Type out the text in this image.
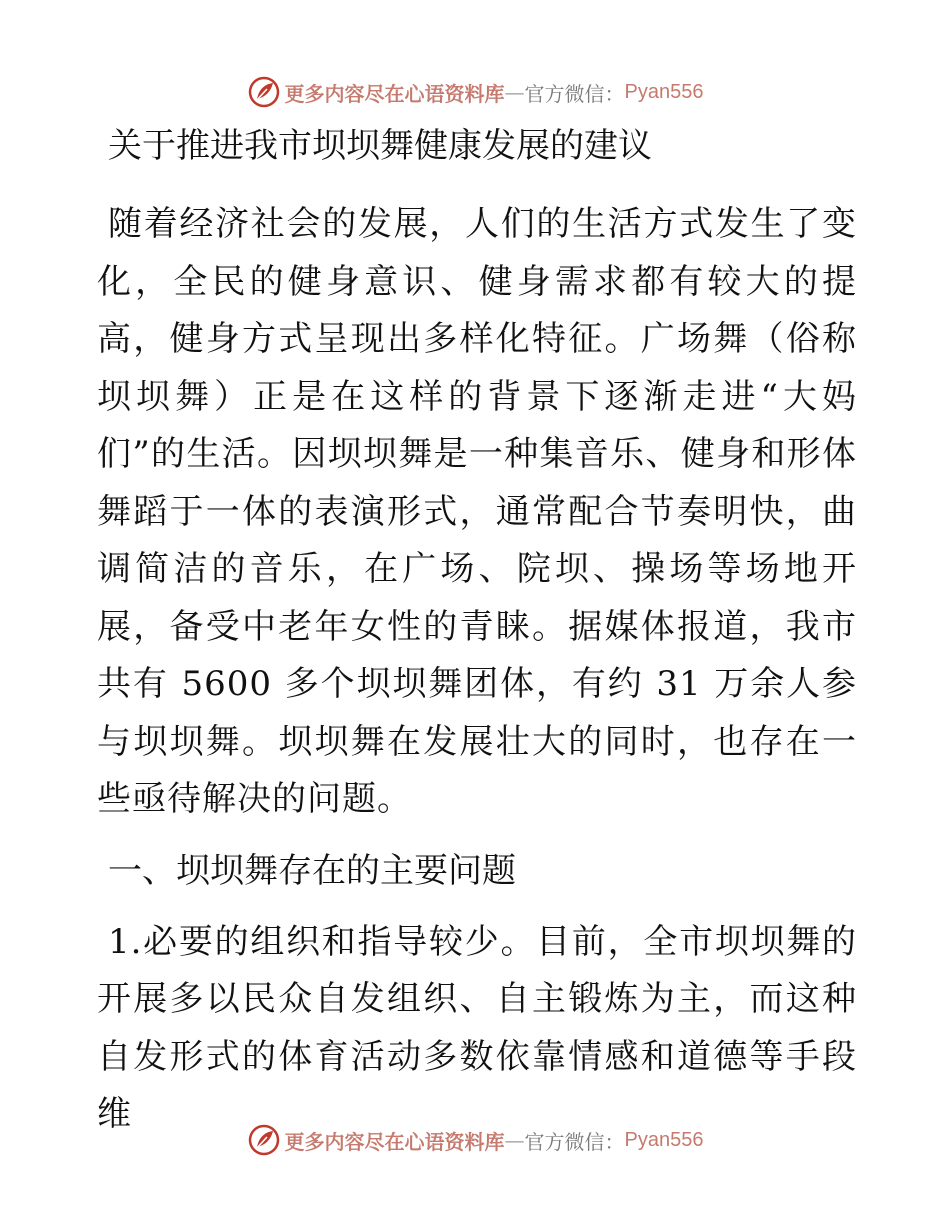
更多内容尽在心语资料库 — 官方微信： Pyan556
关于推进我市坝坝舞健康发展的建议

随着经济社会的发展，人们的生活方式发生了变化，全民的健身意识、健身需求都有较大的提高，健身方式呈现出多样化特征。广场舞（俗称坝坝舞）正是在这样的背景下逐渐走进“大妈们”的生活。因坝坝舞是一种集音乐、健身和形体舞蹈于一体的表演形式，通常配合节奏明快，曲调简洁的音乐，在广场、院坝、操场等场地开展，备受中老年女性的青睐。据媒体报道，我市共有 5600 多个坝坝舞团体，有约 31 万余人参与坝坝舞。坝坝舞在发展壮大的同时，也存在一些亟待解决的问题。

一、坝坝舞存在的主要问题

1.必要的组织和指导较少。目前，全市坝坝舞的开展多以民众自发组织、自主锻炼为主，而这种自发形式的体育活动多数依靠情感和道德等手段维

更多内容尽在心语资料库 — 官方微信： Pyan556
